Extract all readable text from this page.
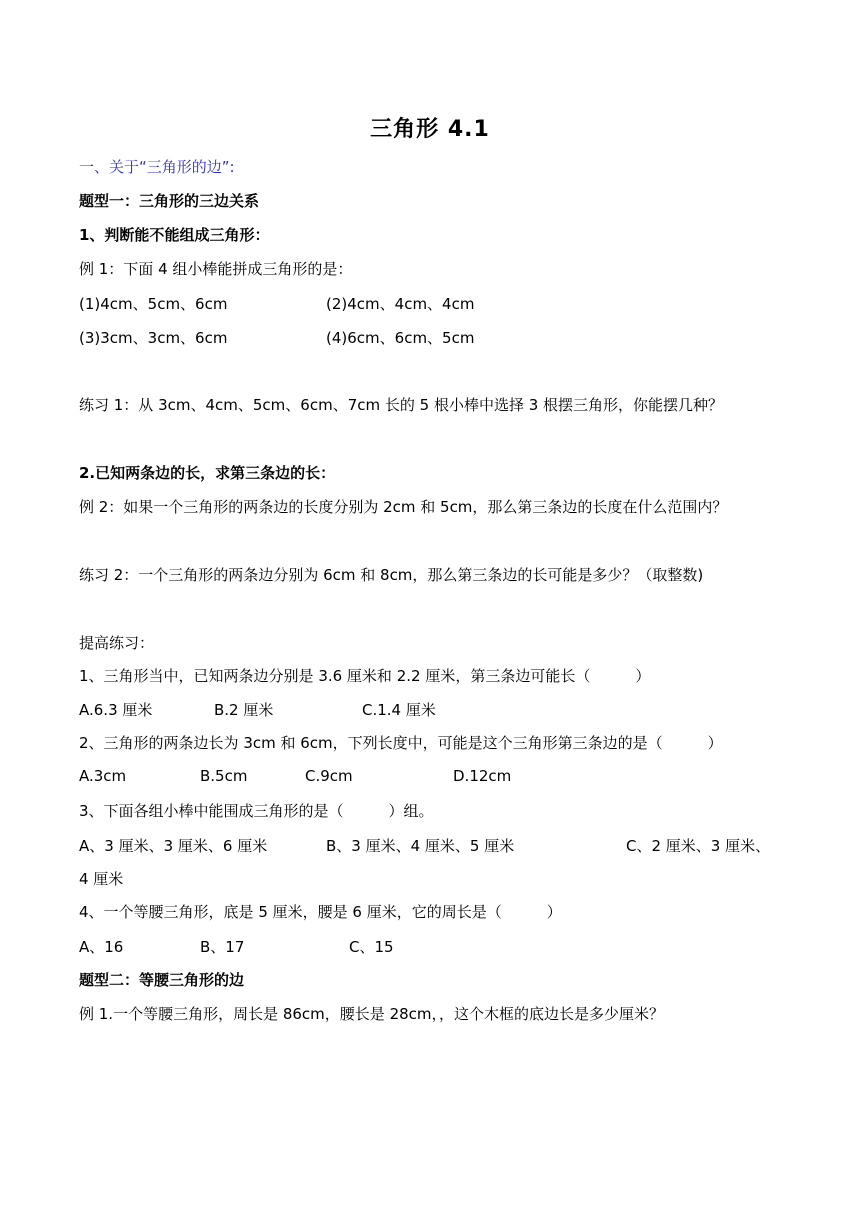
三角形 4.1
一、关于“三角形的边”:
题型一：三角形的三边关系
1、判断能不能组成三角形：
例 1：下面 4 组小棒能拼成三角形的是：
(1)4cm、5cm、6cm	(2)4cm、4cm、4cm
(3)3cm、3cm、6cm	(4)6cm、6cm、5cm
练习 1：从 3cm、4cm、5cm、6cm、7cm 长的 5 根小棒中选择 3 根摆三角形，你能摆几种？
2.已知两条边的长，求第三条边的长：
例 2：如果一个三角形的两条边的长度分别为 2cm 和 5cm，那么第三条边的长度在什么范围内？
练习 2：一个三角形的两条边分别为 6cm 和 8cm，那么第三条边的长可能是多少？（取整数)
提高练习：
1、三角形当中，已知两条边分别是 3.6 厘米和 2.2 厘米，第三条边可能长（　　　）
A.6.3 厘米	B.2 厘米	C.1.4 厘米
2、三角形的两条边长为 3cm 和 6cm，下列长度中，可能是这个三角形第三条边的是（　　　）
A.3cm	B.5cm	C.9cm	D.12cm
3、下面各组小棒中能围成三角形的是（　　　）组。
A、3 厘米、3 厘米、6 厘米	B、3 厘米、4 厘米、5 厘米	C、2 厘米、3 厘米、
4 厘米
4、一个等腰三角形，底是 5 厘米，腰是 6 厘米，它的周长是（　　　）
A、16	B、17	C、15
题型二：等腰三角形的边
例 1.一个等腰三角形，周长是 86cm，腰长是 28cm，，这个木框的底边长是多少厘米？
